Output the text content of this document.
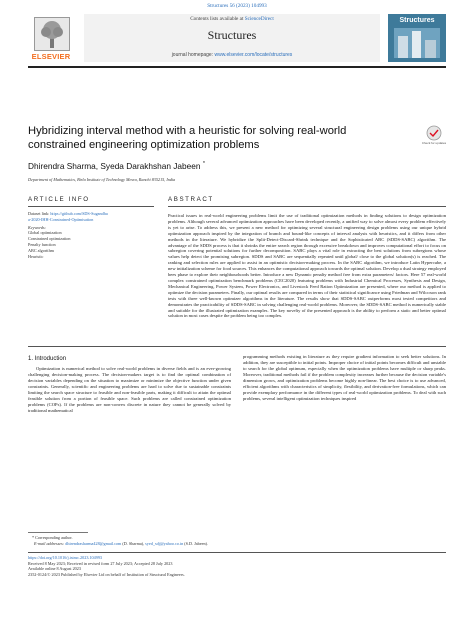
Structures 56 (2023) 104993
ELSEVIER
Contents lists available at ScienceDirect
Structures
journal homepage: www.elsevier.com/locate/structures
Structures
Hybridizing interval method with a heuristic for solving real-world
constrained engineering optimization problems	Check for updates
Dhirendra Sharma, Syeda Darakhshan Jabeen *
Department of Mathematics, Birla Institute of Technology Mesra, Ranchi 835215, India
ARTICLE INFO	ABSTRACT
Dataset link: https://github.com/SDS-Sugandha
a-2020-IHH-Constrained-Optimisation
Keywords:
Global optimization
Constrained optimization
Penalty function
ABC algorithm
Heuristic
Practical issues in real-world engineering problems limit the use of traditional optimization methods in finding solutions to design optimization problems. Although several advanced optimization approaches have been developed recently, a unified way to solve almost every problem effectively is yet to arise. To address this, we present a new method for optimizing several structural engineering design problems using our unique hybrid optimization approach inspired by the integration of branch and bound-like concepts of interval analysis with heuristics, and it differs from other methods in the literature. We hybridize the Split-Detect-Discard-Shrink technique and the Sophisticated ABC (SDDS-SABC) algorithm. The advantage of the SDDS process is that it shrinks the entire search region through excessive breakdown and improves computational effort to focus on subregion covering potential solutions for further decomposition. SABC plays a vital role in extracting the best solutions from subregions whose values help detect the promising subregion. SDDS and SABC are sequentially repeated until global/ close to the global solution(s) is reached. The ranking and selection rules are applied to assist in an optimistic decision-making process. In the SABC algorithm, we introduce Latin Hypercube, a new initialization scheme for food sources. This enhances the computational approach towards the optimal solution. Develop a dual strategy employed bees phase to explore their neighbourhoods better. Introduce a new Dynamic penalty method free from extra parameters/ factors. Here 57 real-world complex constrained optimization benchmark problems (CEC2020) featuring problems with Industrial Chemical Processes, Synthesis and Design, Mechanical Engineering, Power System, Power Electronics, and Livestock Feed Ration Optimization are presented, where our method is applied to optimize the decision parameters. Finally, our optimal results are compared in terms of their statistical significance using Friedman and Wilcoxon rank tests with three well-known optimizer algorithms in the literature. The results show that SDDS-SABC outperforms most tested competitors and demonstrates the practicability of SDDS-SABC in solving challenging real-world problems. Moreover, the SDDS-SABC method is numerically stable and suitable for the illustrated optimization examples. The key novelty of the presented approach is the ability to perform a static and better optimal solution in most cases despite the problem being too complex.
1. Introduction
Optimization is numerical method to solve real-world problems in diverse fields and is an ever-growing challenging decision-making process. The decision-makers target is to find the optimal combination of decision variables depending on the situation to maximize or minimize the objective function under given constraints. Generally, scientific and engineering problems are hard to solve due to sustainable constraints limiting the search space structure to feasible and non-feasible parts, making it difficult to attain the optimal feasible solution from a portion of feasible space. Such problems are called constrained optimization problems (COPs). If the problems are non-convex discrete in nature they cannot be generally solved by traditional mathematical
programming methods existing in literature as they require gradient information to seek better solutions. In addition, they are susceptible to initial points. Improper choice of initial points becomes difficult and unstable to search for the global optimum, especially when the optimization problems have multiple or sharp peaks. Moreover, traditional methods fail if the problem complexity increases further because the decision variable's dimension grows, and optimization problems become highly non-linear. The best choice is to use advanced, efficient algorithms with characteristics of simplicity, flexibility, and derivation-free formulations, which can provide exemplary performance in the different types of real-world optimization problems. To deal with such problems, several intelligent optimization techniques inspired
* Corresponding author.
E-mail addresses: dhirendrasharma428@gmail.com (D. Sharma), syed_sdj@yahoo.co.in (S.D. Jabeen).
https://doi.org/10.1016/j.istruc.2023.104993
Received 8 May 2023; Received in revised form 27 July 2023; Accepted 28 July 2023
Available online 8 August 2023
2352-0124/© 2023 Published by Elsevier Ltd on behalf of Institution of Structural Engineers.
